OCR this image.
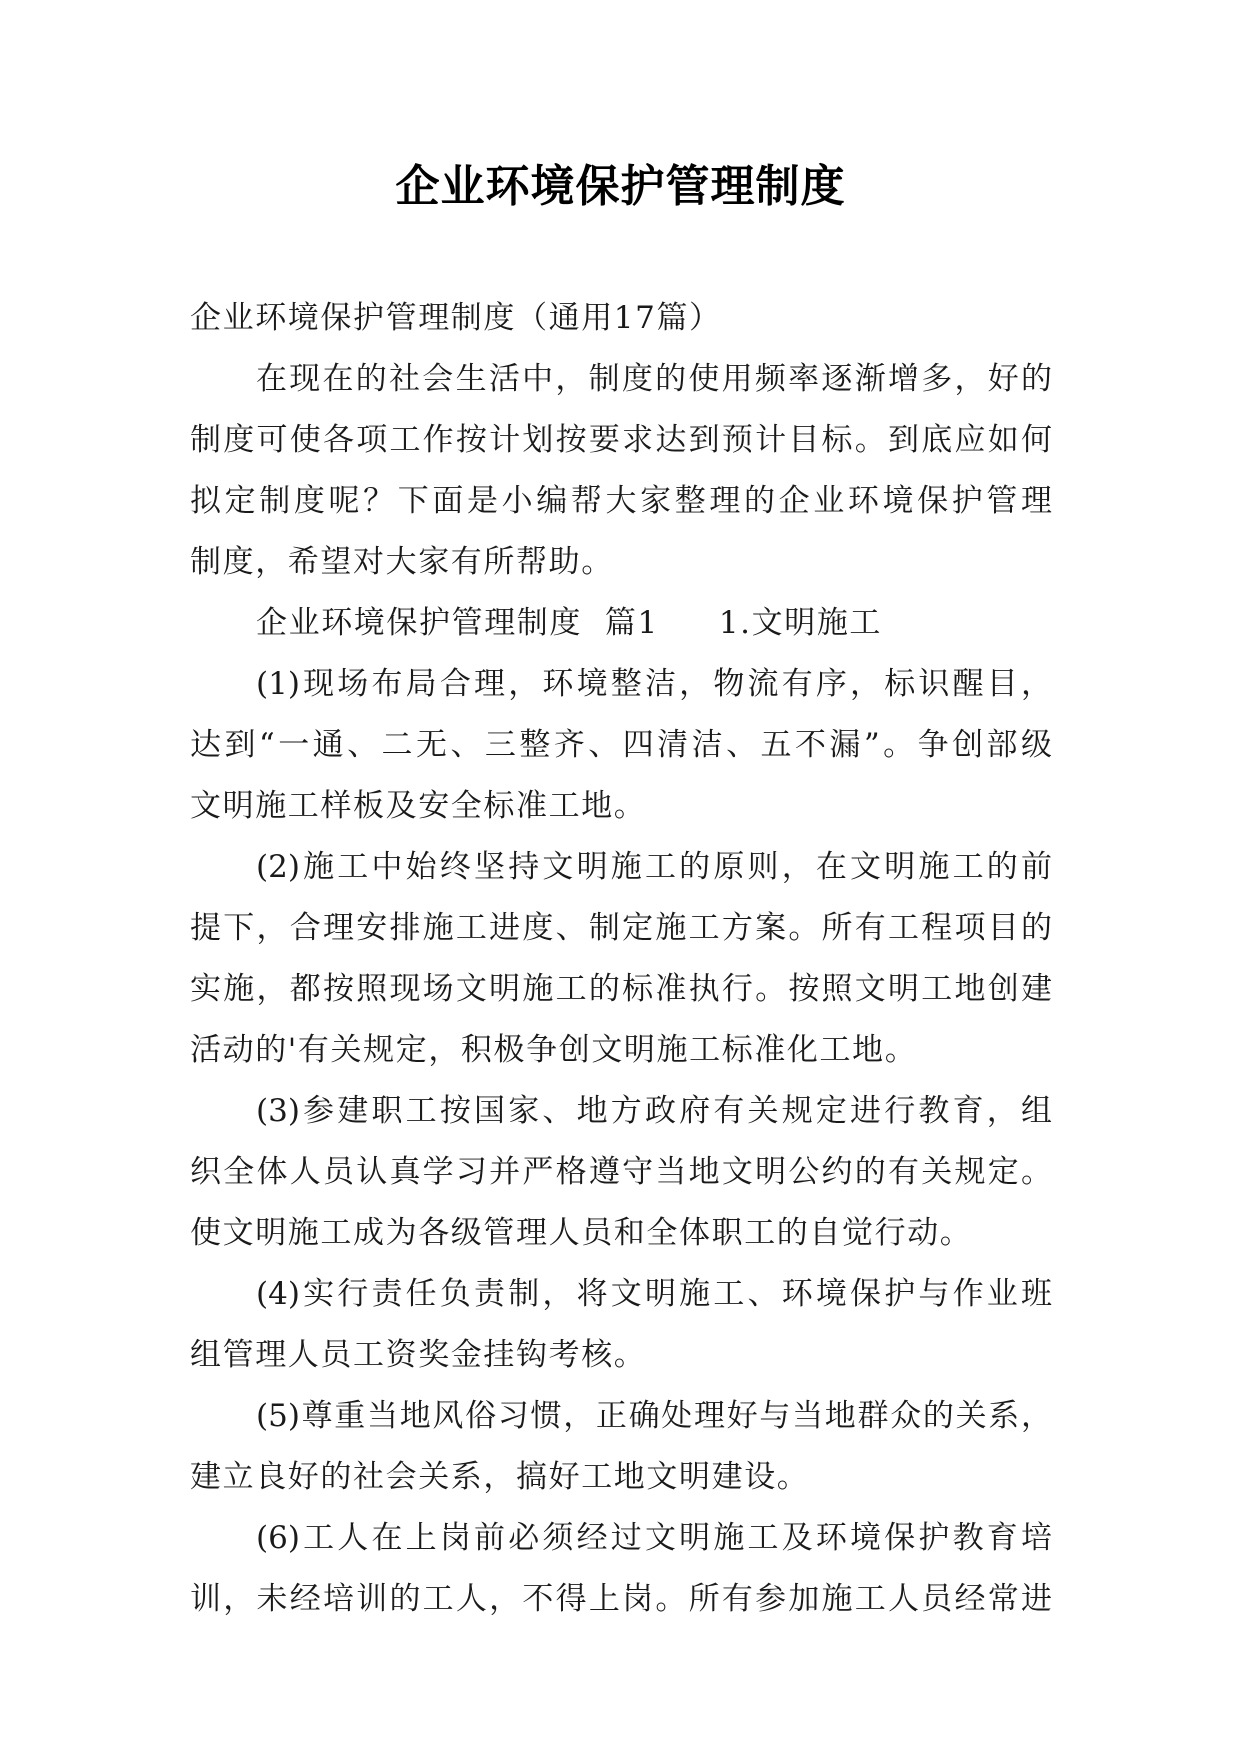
企业环境保护管理制度
企业环境保护管理制度（通用17篇）
在现在的社会生活中，制度的使用频率逐渐增多，好的
制度可使各项工作按计划按要求达到预计目标。到底应如何
拟定制度呢？下面是小编帮大家整理的企业环境保护管理
制度，希望对大家有所帮助。
企业环境保护管理制度  篇1 1.文明施工
(1)现场布局合理，环境整洁，物流有序，标识醒目，
达到“一通、二无、三整齐、四清洁、五不漏”。争创部级
文明施工样板及安全标准工地。
(2)施工中始终坚持文明施工的原则，在文明施工的前
提下，合理安排施工进度、制定施工方案。所有工程项目的
实施，都按照现场文明施工的标准执行。按照文明工地创建
活动的'有关规定，积极争创文明施工标准化工地。
(3)参建职工按国家、地方政府有关规定进行教育，组
织全体人员认真学习并严格遵守当地文明公约的有关规定。
使文明施工成为各级管理人员和全体职工的自觉行动。
(4)实行责任负责制，将文明施工、环境保护与作业班
组管理人员工资奖金挂钩考核。
(5)尊重当地风俗习惯，正确处理好与当地群众的关系，
建立良好的社会关系，搞好工地文明建设。
(6)工人在上岗前必须经过文明施工及环境保护教育培
训，未经培训的工人，不得上岗。所有参加施工人员经常进
